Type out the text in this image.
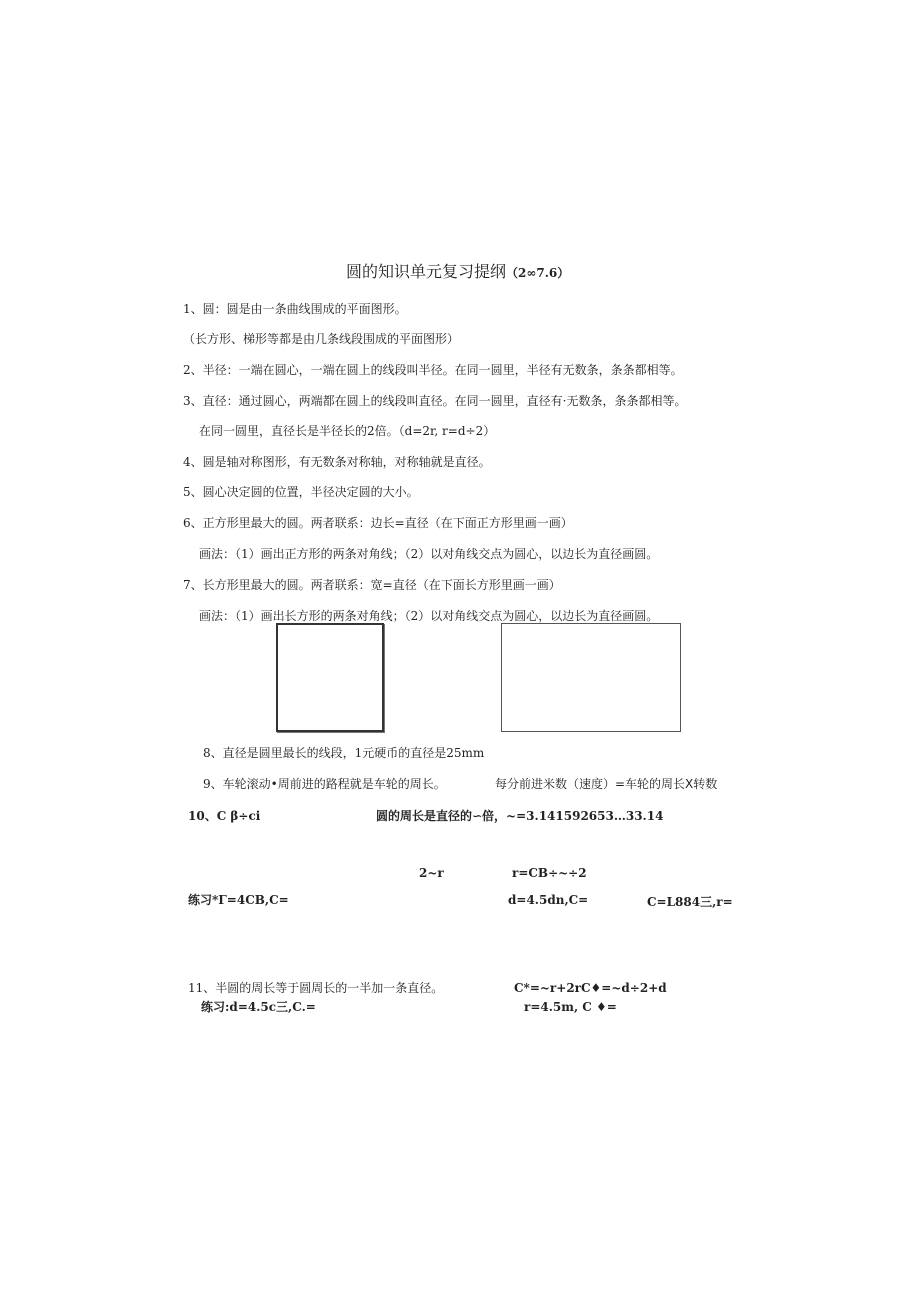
圆的知识单元复习提纲（2∞7.6）
1、圆：圆是由一条曲线围成的平面图形。
（长方形、梯形等都是由几条线段围成的平面图形）
2、半径：一端在圆心，一端在圆上的线段叫半径。在同一圆里，半径有无数条，条条都相等。
3、直径：通过圆心，两端都在圆上的线段叫直径。在同一圆里，直径有·无数条，条条都相等。
在同一圆里，直径长是半径长的2倍。（d=2r, r=d÷2）
4、圆是轴对称图形，有无数条对称轴，对称轴就是直径。
5、圆心决定圆的位置，半径决定圆的大小。
6、正方形里最大的圆。两者联系：边长=直径（在下面正方形里画一画）
画法：（1）画出正方形的两条对角线；（2）以对角线交点为圆心，以边长为直径画圆。
7、长方形里最大的圆。两者联系：宽=直径（在下面长方形里画一画）
画法：（1）画出长方形的两条对角线；（2）以对角线交点为圆心，以边长为直径画圆。
8、直径是圆里最长的线段，1元硬币的直径是25mm
9、车轮滚动•周前进的路程就是车轮的周长。	每分前进米数（速度）=车轮的周长X转数
10、C β÷ci	圆的周长是直径的∽倍，~=3.141592653…33.14
2~r	r=CB÷~÷2
练习*Γ=4CB,C=	d=4.5dn,C=	C=L884三,r=
11、半圆的周长等于圆周长的一半加一条直径。	C*=~r+2rC♦=~d÷2+d
练习:d=4.5c三,C.=	r=4.5m, C ♦=
